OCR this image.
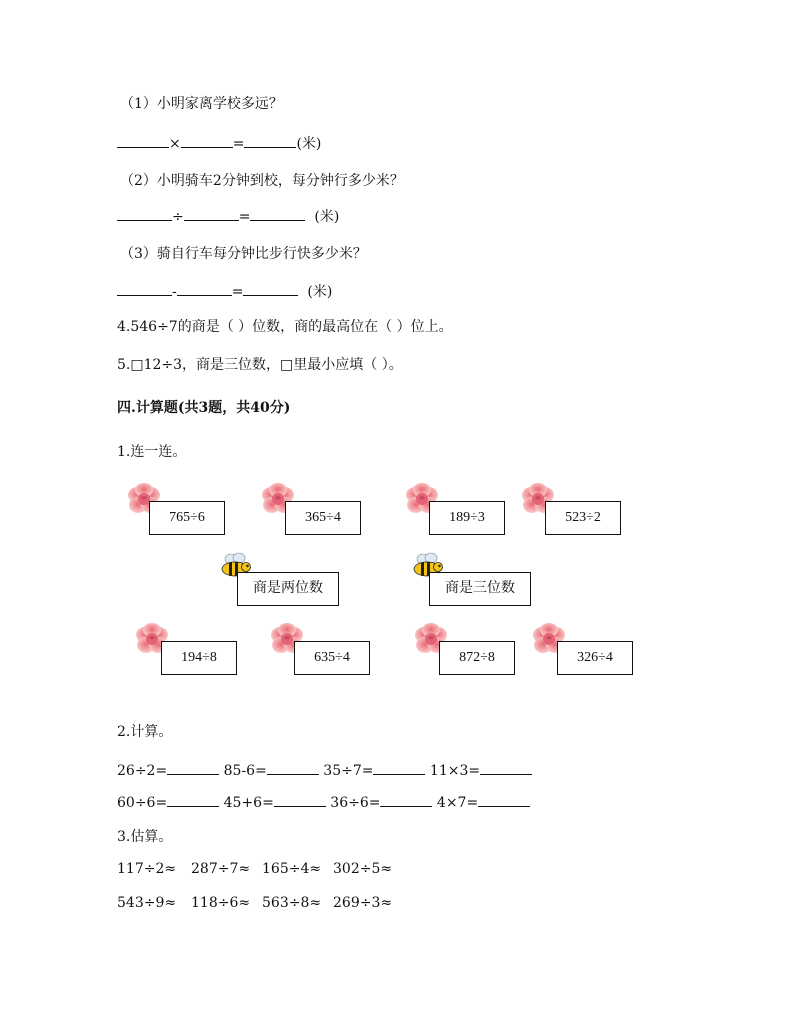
（1）小明家离学校多远？
×	=	(米)
（2）小明骑车2分钟到校，每分钟行多少米？
÷	=	(米)
（3）骑自行车每分钟比步行快多少米？
-	=	(米)
4.546÷7的商是（ ）位数，商的最高位在（ ）位上。
5.□12÷3，商是三位数，□里最小应填（ ）。
四.计算题(共3题，共40分)
1.连一连。
765÷6	365÷4	189÷3	523÷2
商是两位数	商是三位数
194÷8	635÷4	872÷8	326÷4
2.计算。
26÷2=	85-6=	35÷7=	11×3=
60÷6=	45+6=	36÷6=	4×7=
3.估算。
117÷2≈ 287÷7≈ 165÷4≈ 302÷5≈
543÷9≈ 118÷6≈ 563÷8≈ 269÷3≈
